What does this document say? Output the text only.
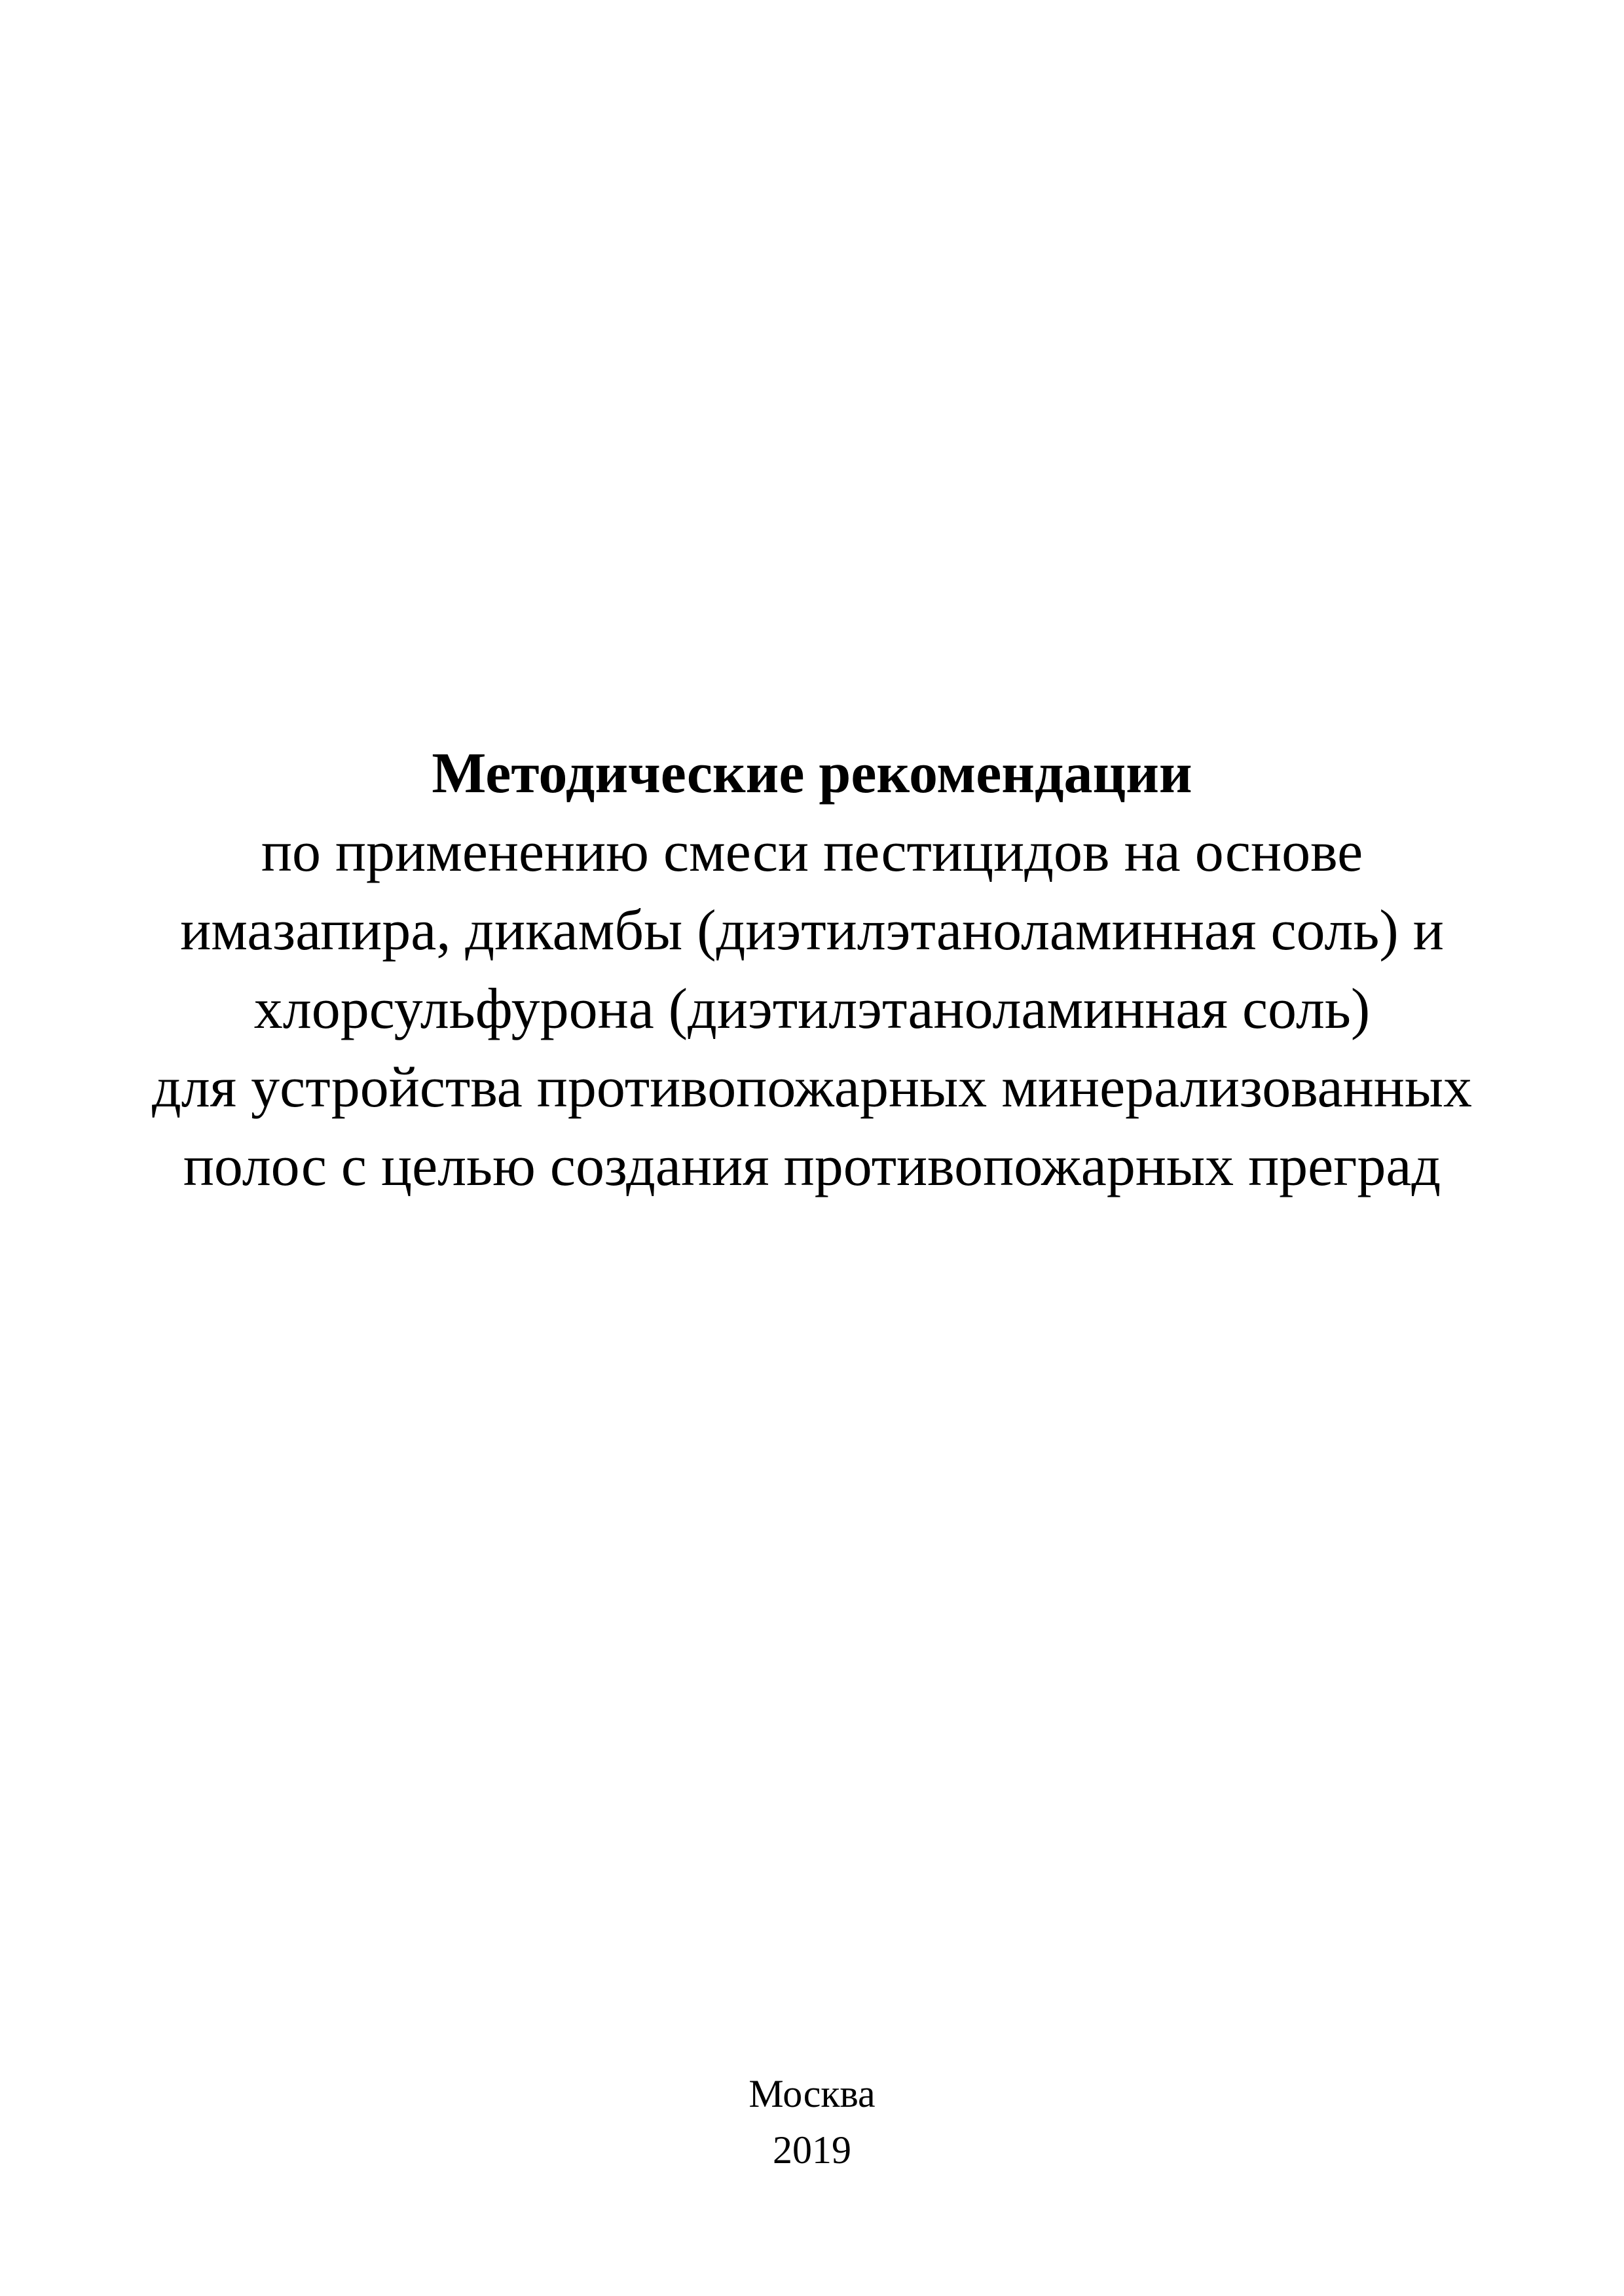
Методические рекомендации
по применению смеси пестицидов на основе
имазапира, дикамбы (диэтилэтаноламинная соль) и
хлорсульфурона (диэтилэтаноламинная соль)
для устройства противопожарных минерализованных
полос с целью создания противопожарных преград
Москва
2019
